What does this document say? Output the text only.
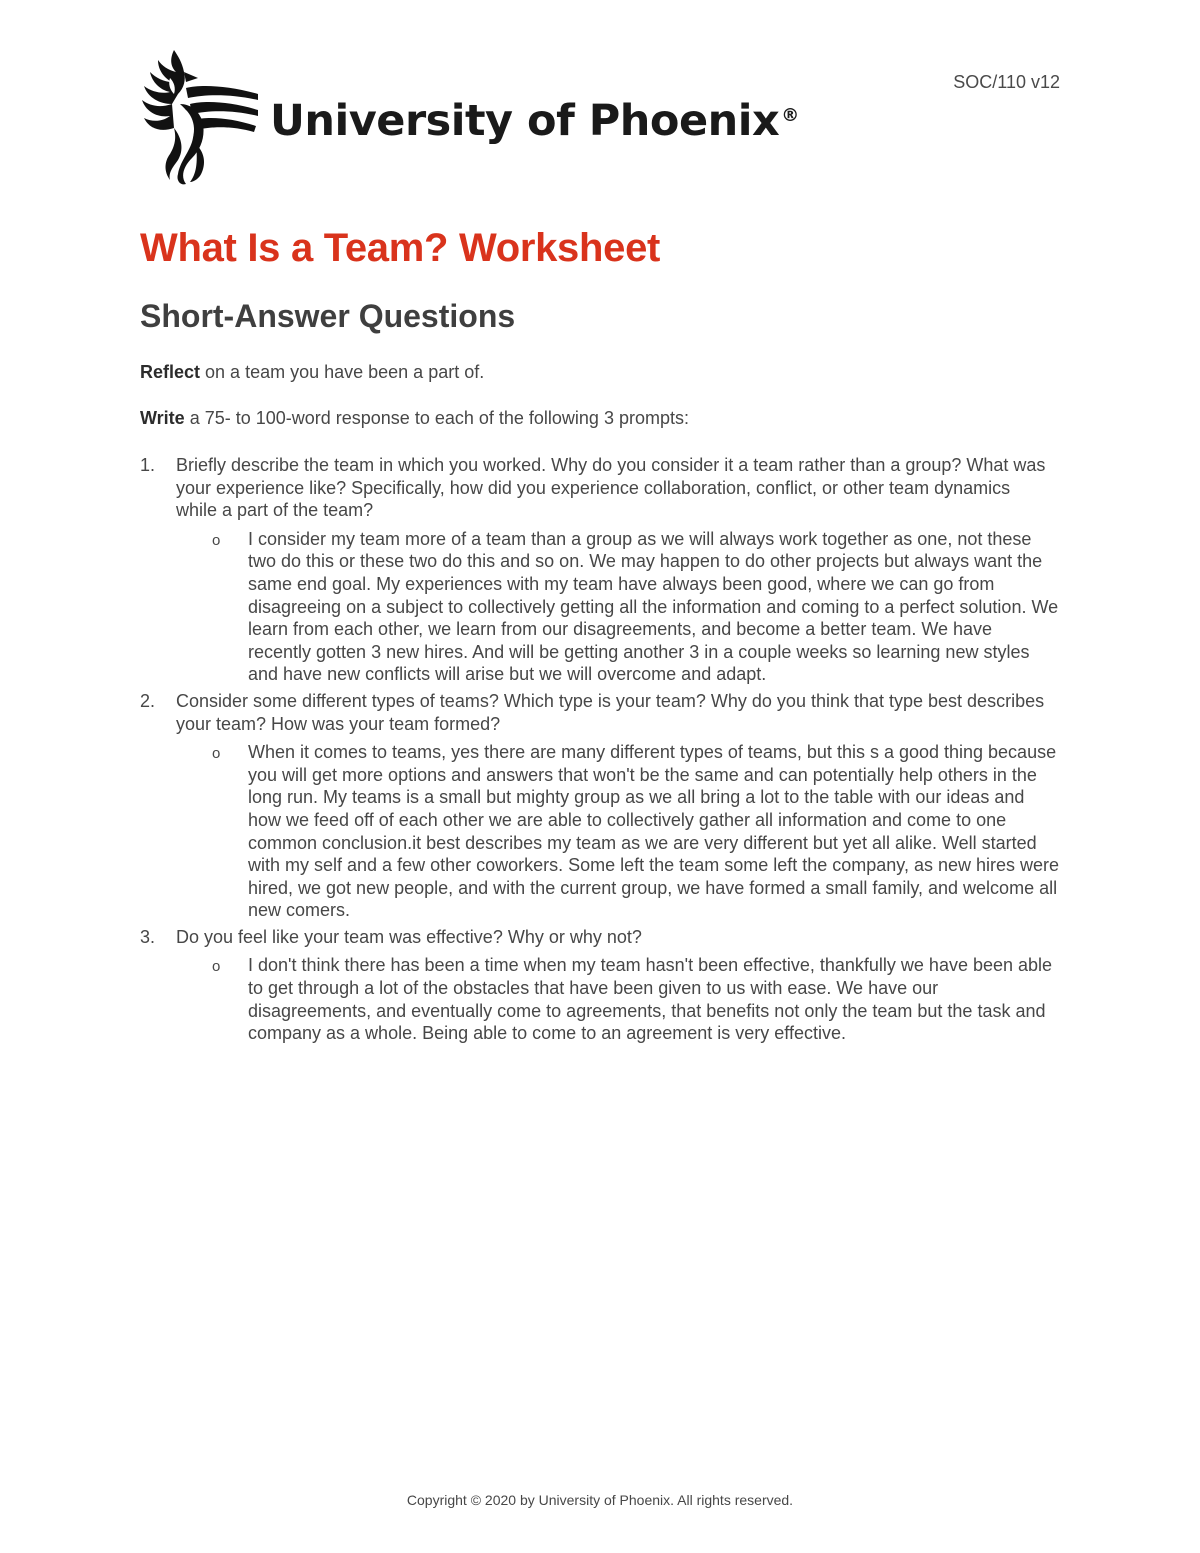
University of Phoenix ®
SOC/110 v12
What Is a Team? Worksheet
Short-Answer Questions

Reflect on a team you have been a part of.

Write a 75- to 100-word response to each of the following 3 prompts:

1. Briefly describe the team in which you worked. Why do you consider it a team rather than a group? What was your experience like? Specifically, how did you experience collaboration, conflict, or other team dynamics while a part of the team?
o I consider my team more of a team than a group as we will always work together as one, not these two do this or these two do this and so on. We may happen to do other projects but always want the same end goal. My experiences with my team have always been good, where we can go from disagreeing on a subject to collectively getting all the information and coming to a perfect solution. We learn from each other, we learn from our disagreements, and become a better team. We have recently gotten 3 new hires. And will be getting another 3 in a couple weeks so learning new styles and have new conflicts will arise but we will overcome and adapt.
2. Consider some different types of teams? Which type is your team? Why do you think that type best describes your team? How was your team formed?
o When it comes to teams, yes there are many different types of teams, but this s a good thing because you will get more options and answers that won't be the same and can potentially help others in the long run. My teams is a small but mighty group as we all bring a lot to the table with our ideas and how we feed off of each other we are able to collectively gather all information and come to one common conclusion.it best describes my team as we are very different but yet all alike. Well started with my self and a few other coworkers. Some left the team some left the company, as new hires were hired, we got new people, and with the current group, we have formed a small family, and welcome all new comers.
3. Do you feel like your team was effective? Why or why not?
o I don't think there has been a time when my team hasn't been effective, thankfully we have been able to get through a lot of the obstacles that have been given to us with ease. We have our disagreements, and eventually come to agreements, that benefits not only the team but the task and company as a whole. Being able to come to an agreement is very effective.
Copyright © 2020 by University of Phoenix. All rights reserved.
